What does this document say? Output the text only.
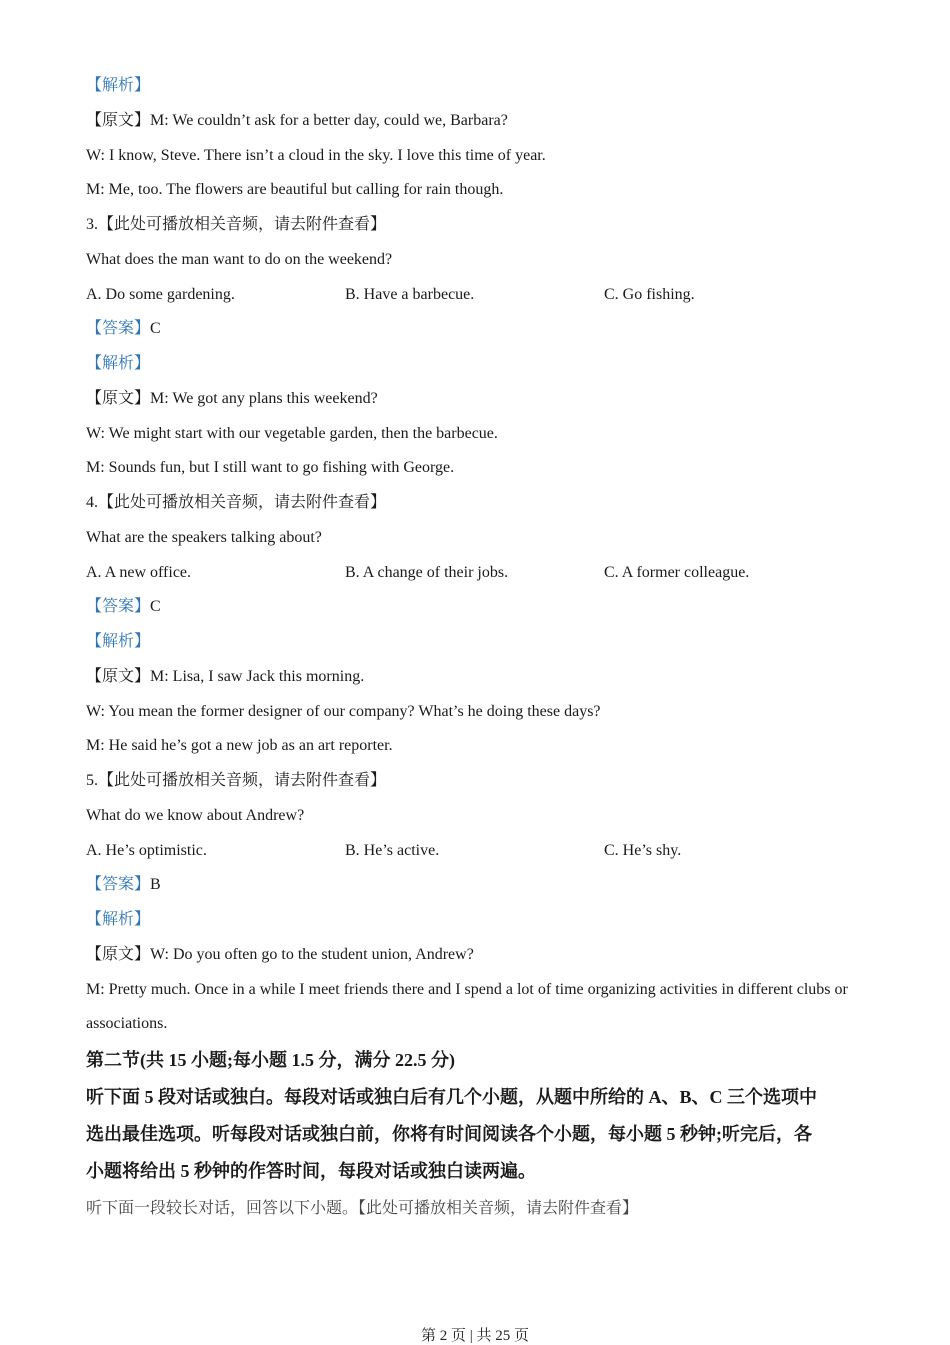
【解析】
【原文】M: We couldn’t ask for a better day, could we, Barbara?
W: I know, Steve. There isn’t a cloud in the sky. I love this time of year.
M: Me, too. The flowers are beautiful but calling for rain though.
3.【此处可播放相关音频，请去附件查看】
What does the man want to do on the weekend?
A. Do some gardening.	B. Have a barbecue.	C. Go fishing.
【答案】C
【解析】
【原文】M: We got any plans this weekend?
W: We might start with our vegetable garden, then the barbecue.
M: Sounds fun, but I still want to go fishing with George.
4.【此处可播放相关音频，请去附件查看】
What are the speakers talking about?
A. A new office.	B. A change of their jobs.	C. A former colleague.
【答案】C
【解析】
【原文】M: Lisa, I saw Jack this morning.
W: You mean the former designer of our company? What’s he doing these days?
M: He said he’s got a new job as an art reporter.
5.【此处可播放相关音频，请去附件查看】
What do we know about Andrew?
A. He’s optimistic.	B. He’s active.	C. He’s shy.
【答案】B
【解析】
【原文】W: Do you often go to the student union, Andrew?
M: Pretty much. Once in a while I meet friends there and I spend a lot of time organizing activities in different clubs or
associations.
第二节(共 15 小题;每小题 1.5 分，满分 22.5 分)
听下面 5 段对话或独白。每段对话或独白后有几个小题，从题中所给的 A、B、C 三个选项中
选出最佳选项。听每段对话或独白前，你将有时间阅读各个小题，每小题 5 秒钟;听完后，各
小题将给出 5 秒钟的作答时间，每段对话或独白读两遍。
听下面一段较长对话，回答以下小题。【此处可播放相关音频，请去附件查看】
第 2 页 | 共 25 页
